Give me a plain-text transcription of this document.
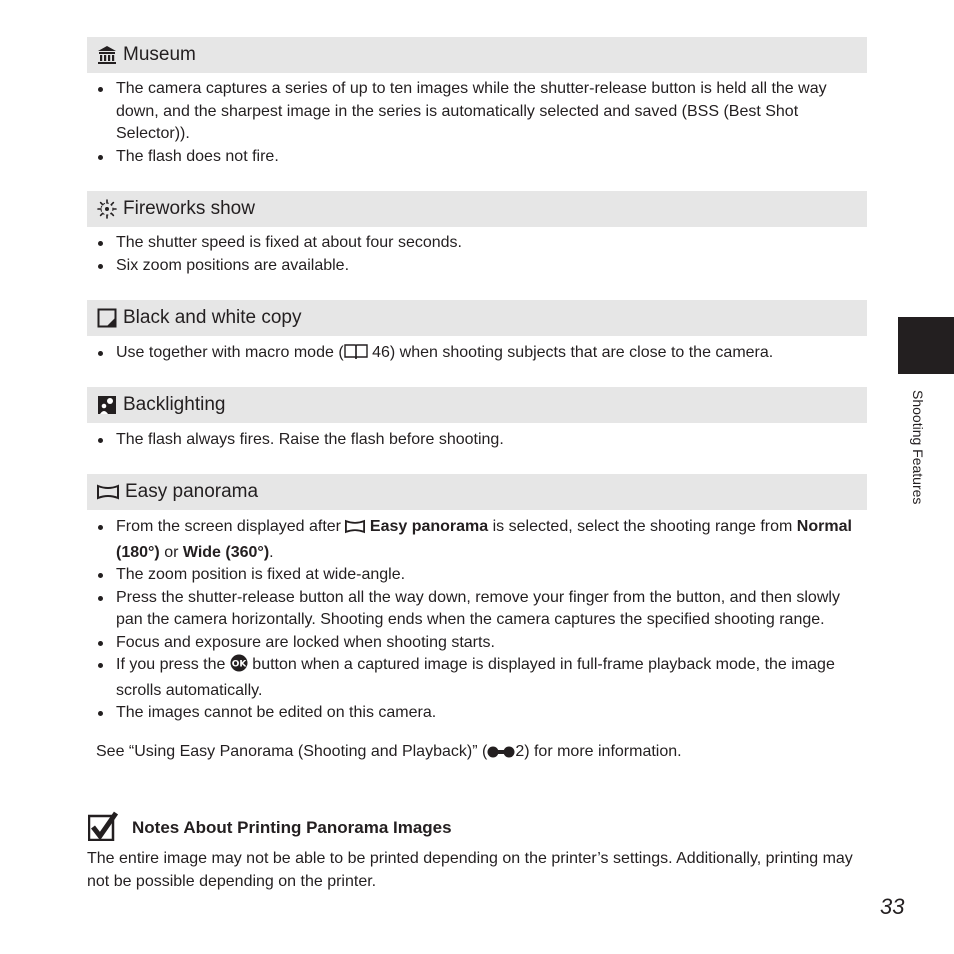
Museum
The camera captures a series of up to ten images while the shutter-release button is held all the way down, and the sharpest image in the series is automatically selected and saved (BSS (Best Shot Selector)).
The flash does not fire.
Fireworks show
The shutter speed is fixed at about four seconds.
Six zoom positions are available.
Black and white copy
Use together with macro mode ( 46) when shooting subjects that are close to the camera.
Backlighting
The flash always fires. Raise the flash before shooting.
Easy panorama
From the screen displayed after  Easy panorama is selected, select the shooting range from Normal (180°) or Wide (360°).
The zoom position is fixed at wide-angle.
Press the shutter-release button all the way down, remove your finger from the button, and then slowly pan the camera horizontally. Shooting ends when the camera captures the specified shooting range.
Focus and exposure are locked when shooting starts.
If you press the OK button when a captured image is displayed in full-frame playback mode, the image scrolls automatically.
The images cannot be edited on this camera.
See “Using Easy Panorama (Shooting and Playback)” ( 2) for more information.
Notes About Printing Panorama Images
The entire image may not be able to be printed depending on the printer’s settings. Additionally, printing may not be possible depending on the printer.
Shooting Features
33
